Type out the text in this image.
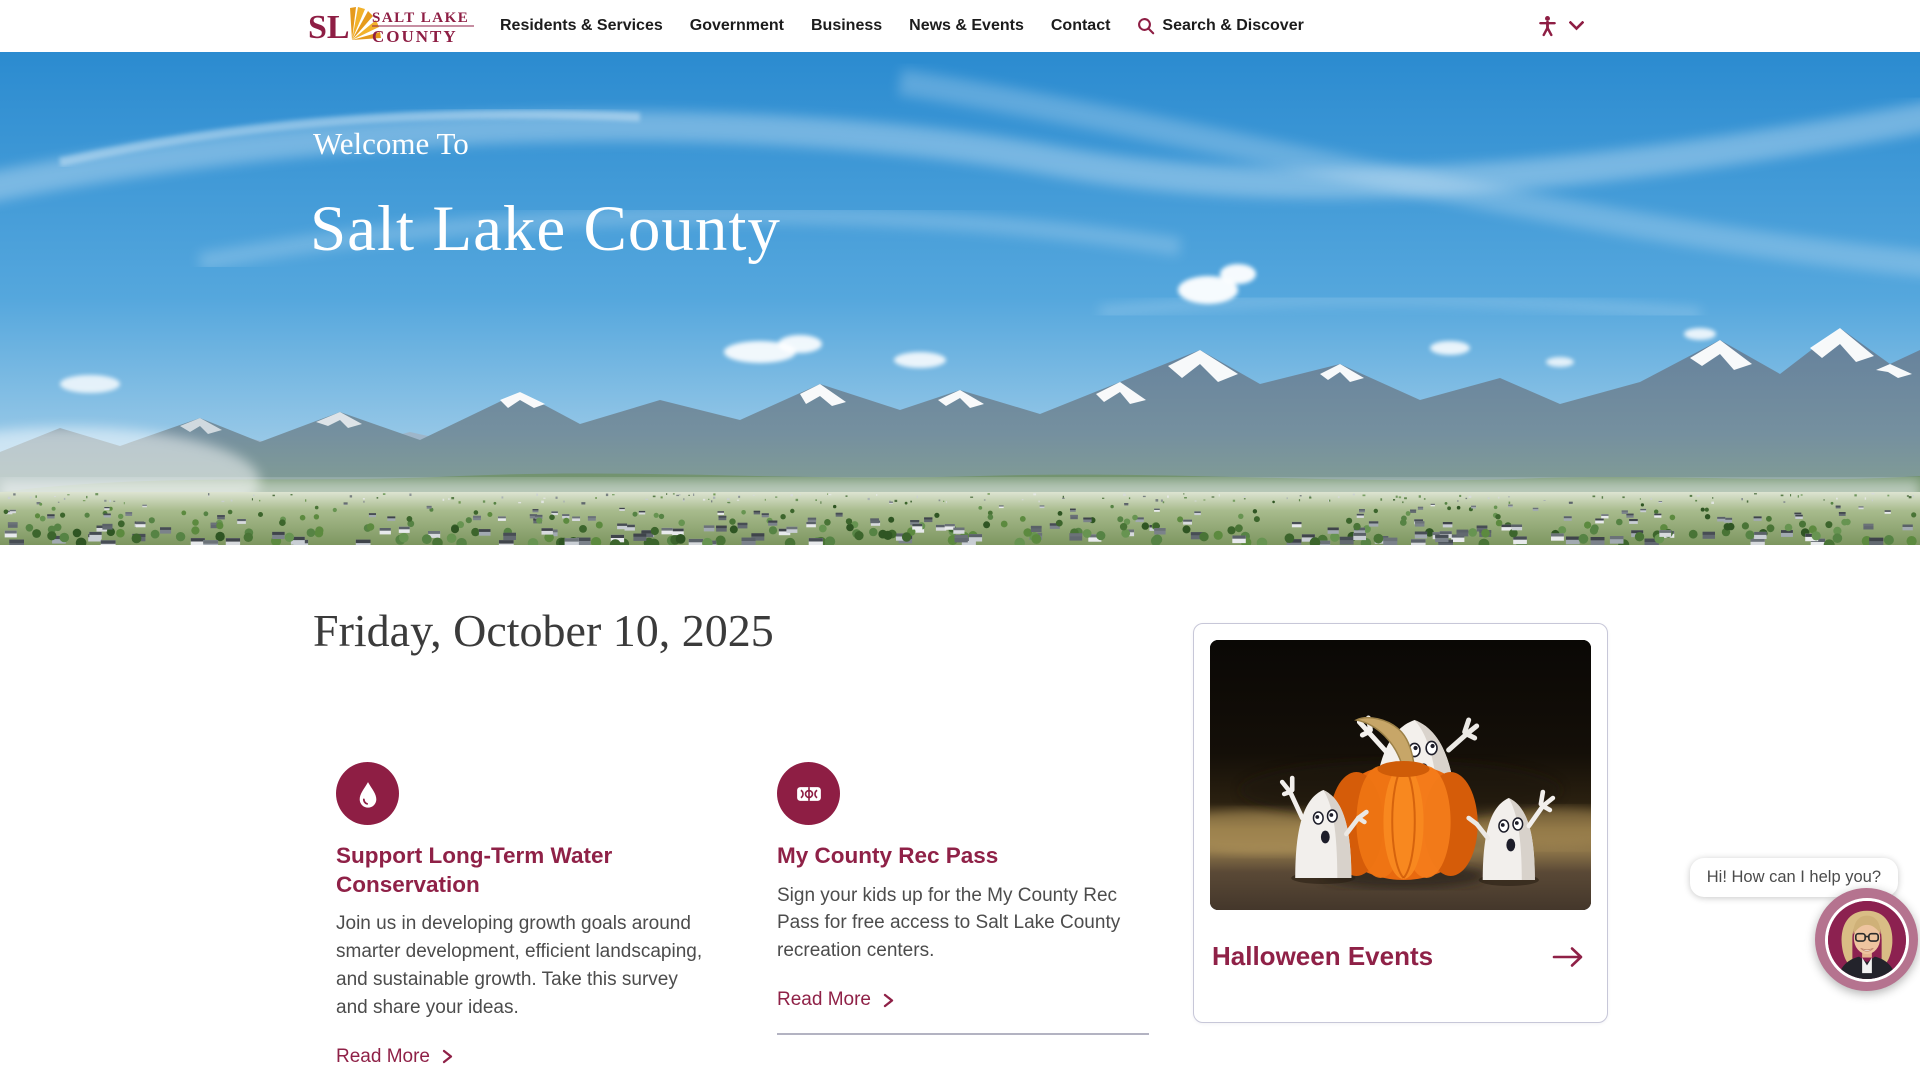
SL SALT LAKE
COUNTY
Residents & Services Government Business News & Events Contact	Search & Discover
Welcome To
Salt Lake County
Friday, October 10, 2025
Support Long-Term Water Conservation

Join us in developing growth goals around smarter development, efficient landscaping, and sustainable growth. Take this survey and share your ideas.

Read More
My County Rec Pass

Sign your kids up for the My County Rec Pass for free access to Salt Lake County recreation centers.

Read More
Halloween Events
Hi! How can I help you?
